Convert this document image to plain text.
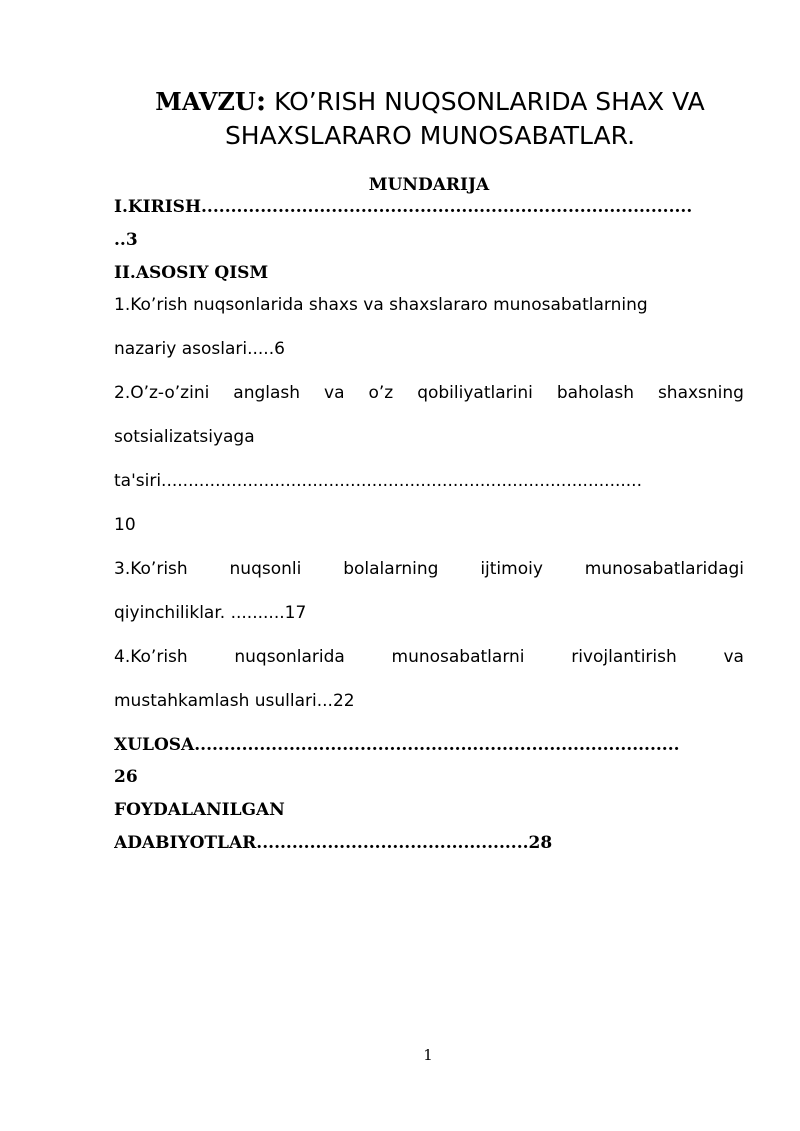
MAVZU: KO’RISH NUQSONLARIDA SHAX VA
SHAXSLARARO MUNOSABATLAR.
MUNDARIJA
I.KIRISH...................................................................................
..3
II.ASOSIY QISM
1.Ko’rish nuqsonlarida shaxs va shaxslararo munosabatlarning
nazariy asoslari.....6
2.O’z-o’zini anglash va o’z qobiliyatlarini baholash shaxsning
sotsializatsiyaga
ta'siri.........................................................................................
10
3.Ko’rish nuqsonli bolalarning ijtimoiy munosabatlaridagi
qiyinchiliklar. ..........17
4.Ko’rish	nuqsonlarida	munosabatlarni	rivojlantirish	va
mustahkamlash usullari...22
XULOSA..................................................................................
26
FOYDALANILGAN
ADABIYOTLAR..............................................28
1
